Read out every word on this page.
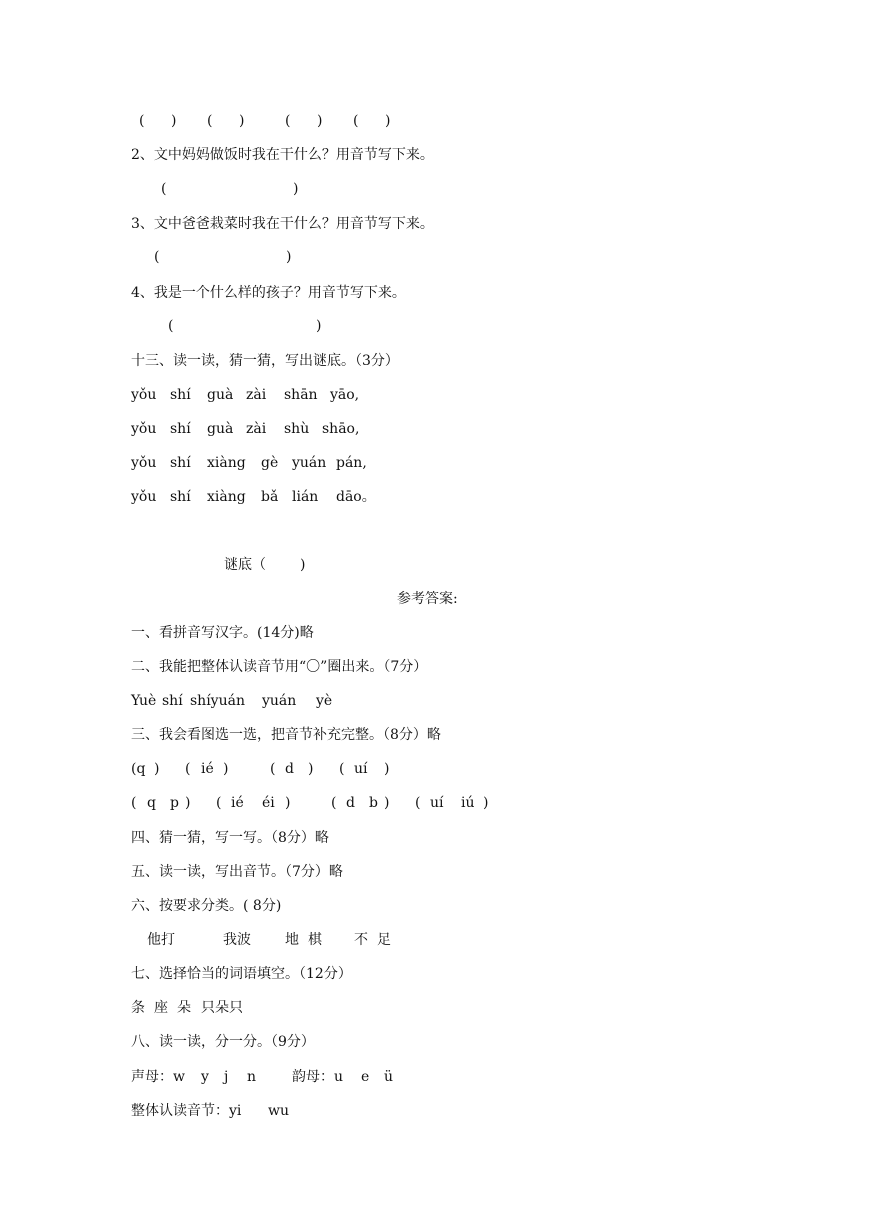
( ) ( )	( ) ( )
2、文中妈妈做饭时我在干什么？用音节写下来。
(	)
3、文中爸爸栽菜时我在干什么？用音节写下来。
(	)
4、我是一个什么样的孩子？用音节写下来。
(	)
十三、读一读，猜一猜，写出谜底。（3分）
yǒu shí guà zài shān yāo,
yǒu shí guà zài shù shāo,
yǒu shí xiàng gè yuán pán,
yǒu shí xiàng bǎ lián dāo。
谜底（ )
参考答案:
一、看拼音写汉字。(14分)略
二、我能把整体认读音节用“〇”圈出来。（7分）
Yuè shí shíyuán yuán yè
三、我会看图选一选，把音节补充完整。（8分）略
(q ) ( ié )	( d ) ( uí )
( q p ) ( ié éi )	( d b ) ( uí iú )
四、猜一猜，写一写。（8分）略
五、读一读，写出音节。（7分）略
六、按要求分类。( 8分)
他打	我波 地 棋 不 足
七、选择恰当的词语填空。（12分）
条 座 朵 只朵只
八、读一读，分一分。（9分）
声母：w y j n	韵母：u e ü
整体认读音节：yi wu
